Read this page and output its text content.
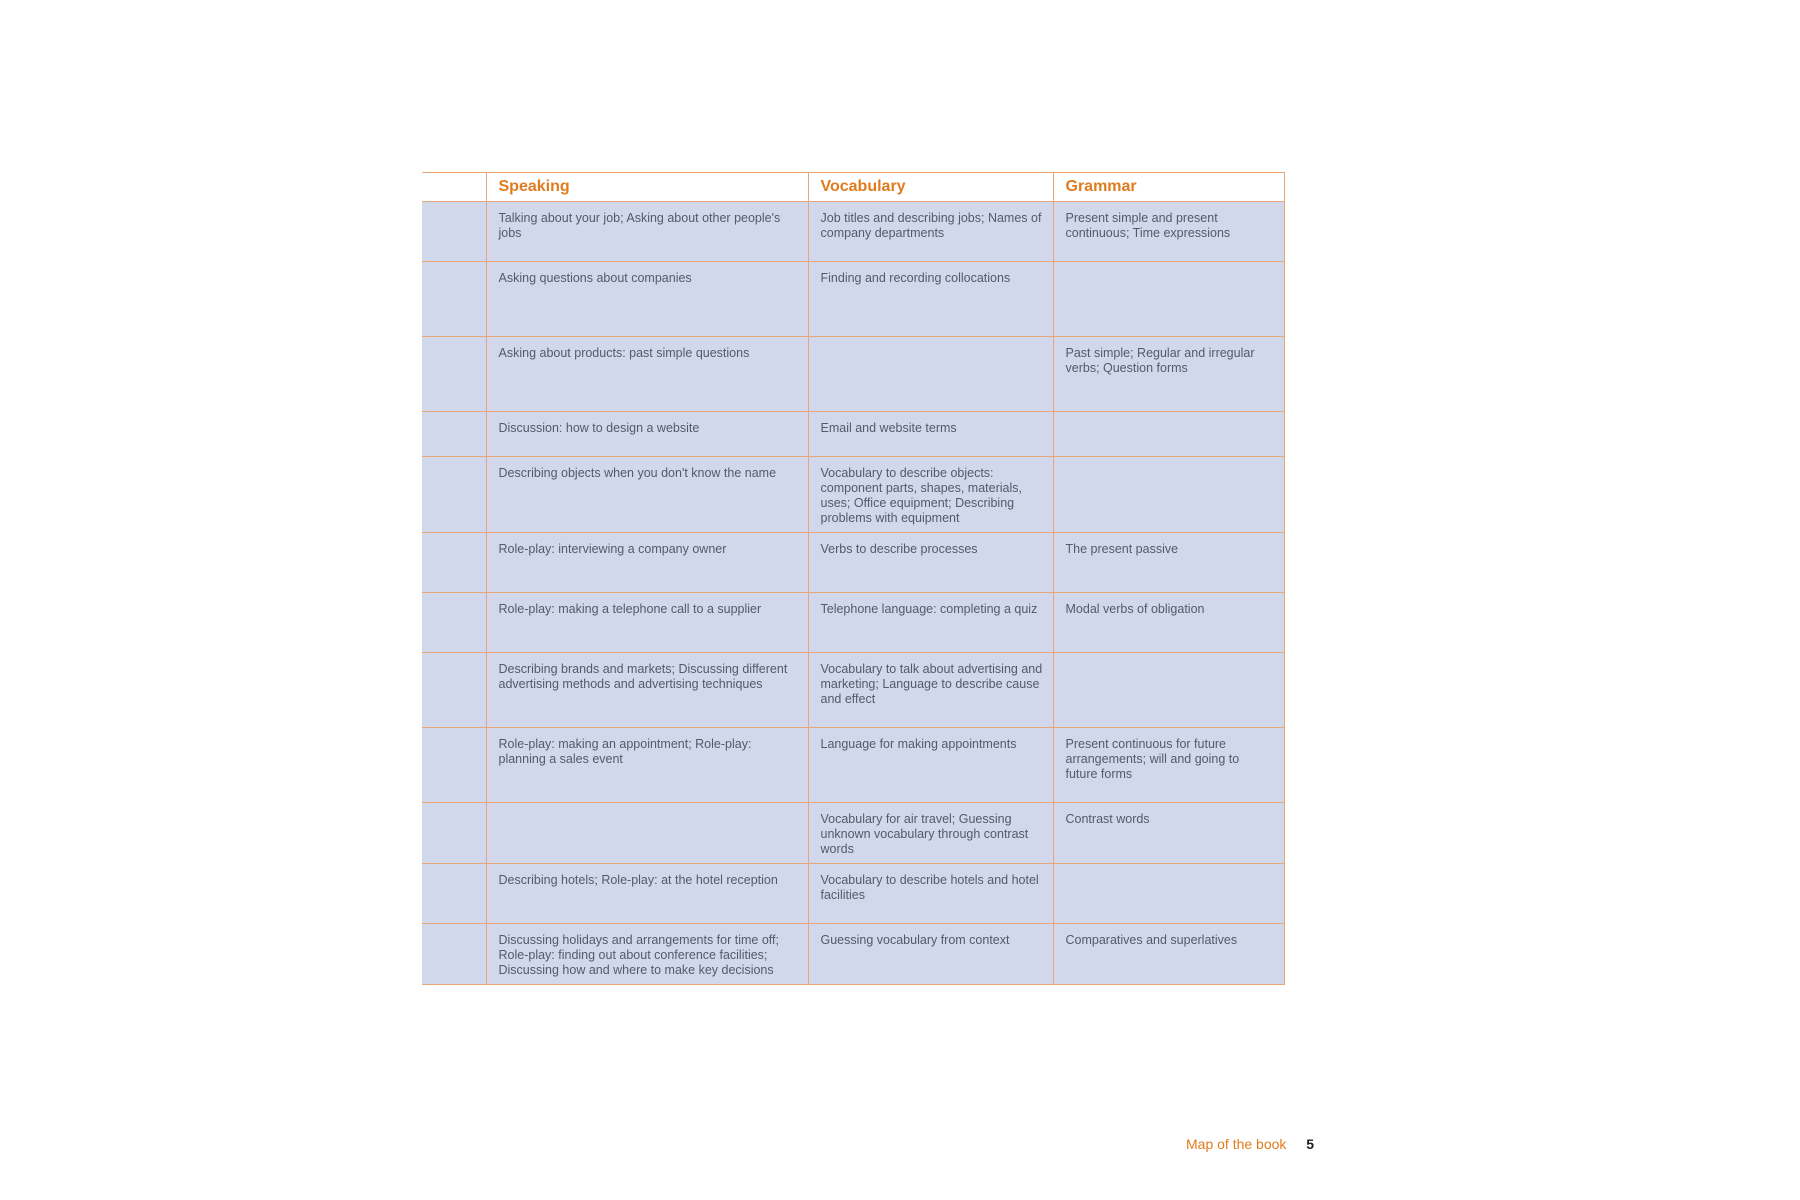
	Speaking	Vocabulary	Grammar
	Talking about your job; Asking about other people's jobs	Job titles and describing jobs; Names of company departments	Present simple and present continuous; Time expressions
	Asking questions about companies	Finding and recording collocations	
	Asking about products: past simple questions		Past simple; Regular and irregular verbs; Question forms
	Discussion: how to design a website	Email and website terms	
	Describing objects when you don't know the name	Vocabulary to describe objects: component parts, shapes, materials, uses; Office equipment; Describing problems with equipment	
	Role-play: interviewing a company owner	Verbs to describe processes	The present passive
	Role-play: making a telephone call to a supplier	Telephone language: completing a quiz	Modal verbs of obligation
	Describing brands and markets; Discussing different advertising methods and advertising techniques	Vocabulary to talk about advertising and marketing; Language to describe cause and effect	
	Role-play: making an appointment; Role-play: planning a sales event	Language for making appointments	Present continuous for future arrangements; will and going to future forms
		Vocabulary for air travel; Guessing unknown vocabulary through contrast words	Contrast words
	Describing hotels; Role-play: at the hotel reception	Vocabulary to describe hotels and hotel facilities	
	Discussing holidays and arrangements for time off; Role-play: finding out about conference facilities; Discussing how and where to make key decisions	Guessing vocabulary from context	Comparatives and superlatives
Map of the book 5
